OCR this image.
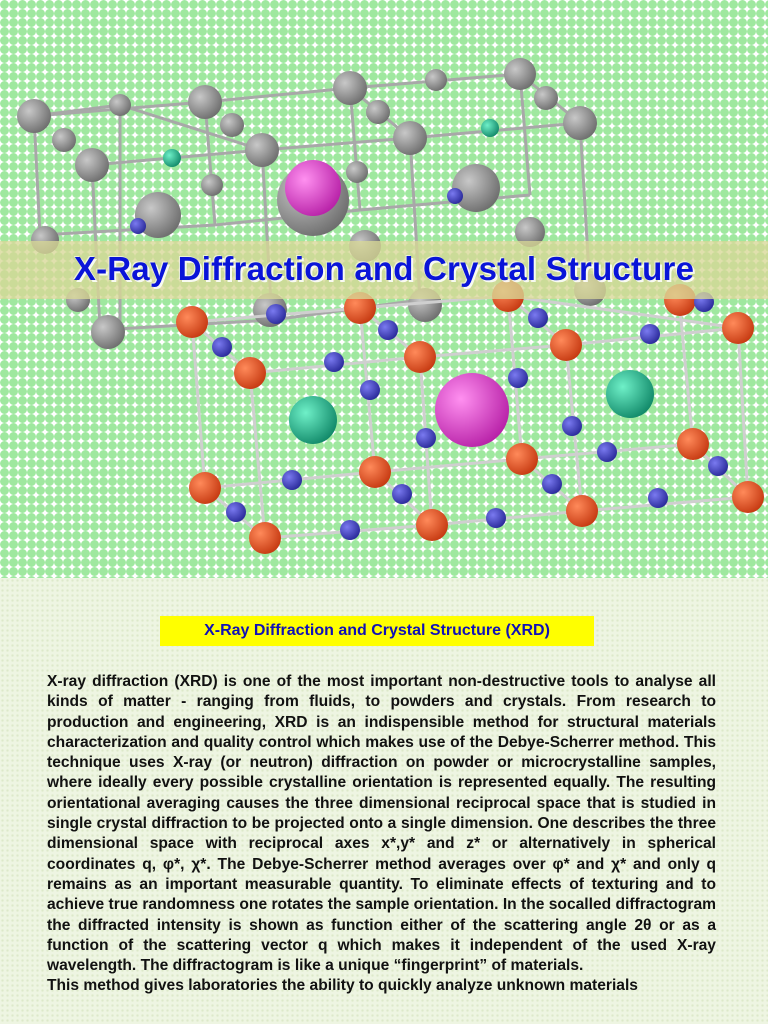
X-Ray Diffraction and Crystal Structure
X-Ray Diffraction and Crystal Structure (XRD)

X-ray diffraction (XRD) is one of the most important non-destructive tools to analyse all kinds of matter - ranging from fluids, to powders and crystals. From research to production and engineering, XRD is an indispensible method for structural materials characterization and quality control which makes use of the Debye-Scherrer method. This technique uses X-ray (or neutron) diffraction on powder or microcrystalline samples, where ideally every possible crystalline orientation is represented equally. The resulting orientational averaging causes the three dimensional reciprocal space that is studied in single crystal diffraction to be projected onto a single dimension. One describes the three dimensional space with reciprocal axes x*,y* and z* or alternatively in spherical coordinates q, φ*, χ*. The Debye-Scherrer method averages over φ* and χ* and only q remains as an important measurable quantity. To eliminate effects of texturing and to achieve true randomness one rotates the sample orientation. In the socalled diffractogram the diffracted intensity is shown as function either of the scattering angle 2θ or as a function of the scattering vector q which makes it independent of the used X-ray wavelength. The diffractogram is like a unique “fingerprint” of materials.

This method gives laboratories the ability to quickly analyze unknown materials
